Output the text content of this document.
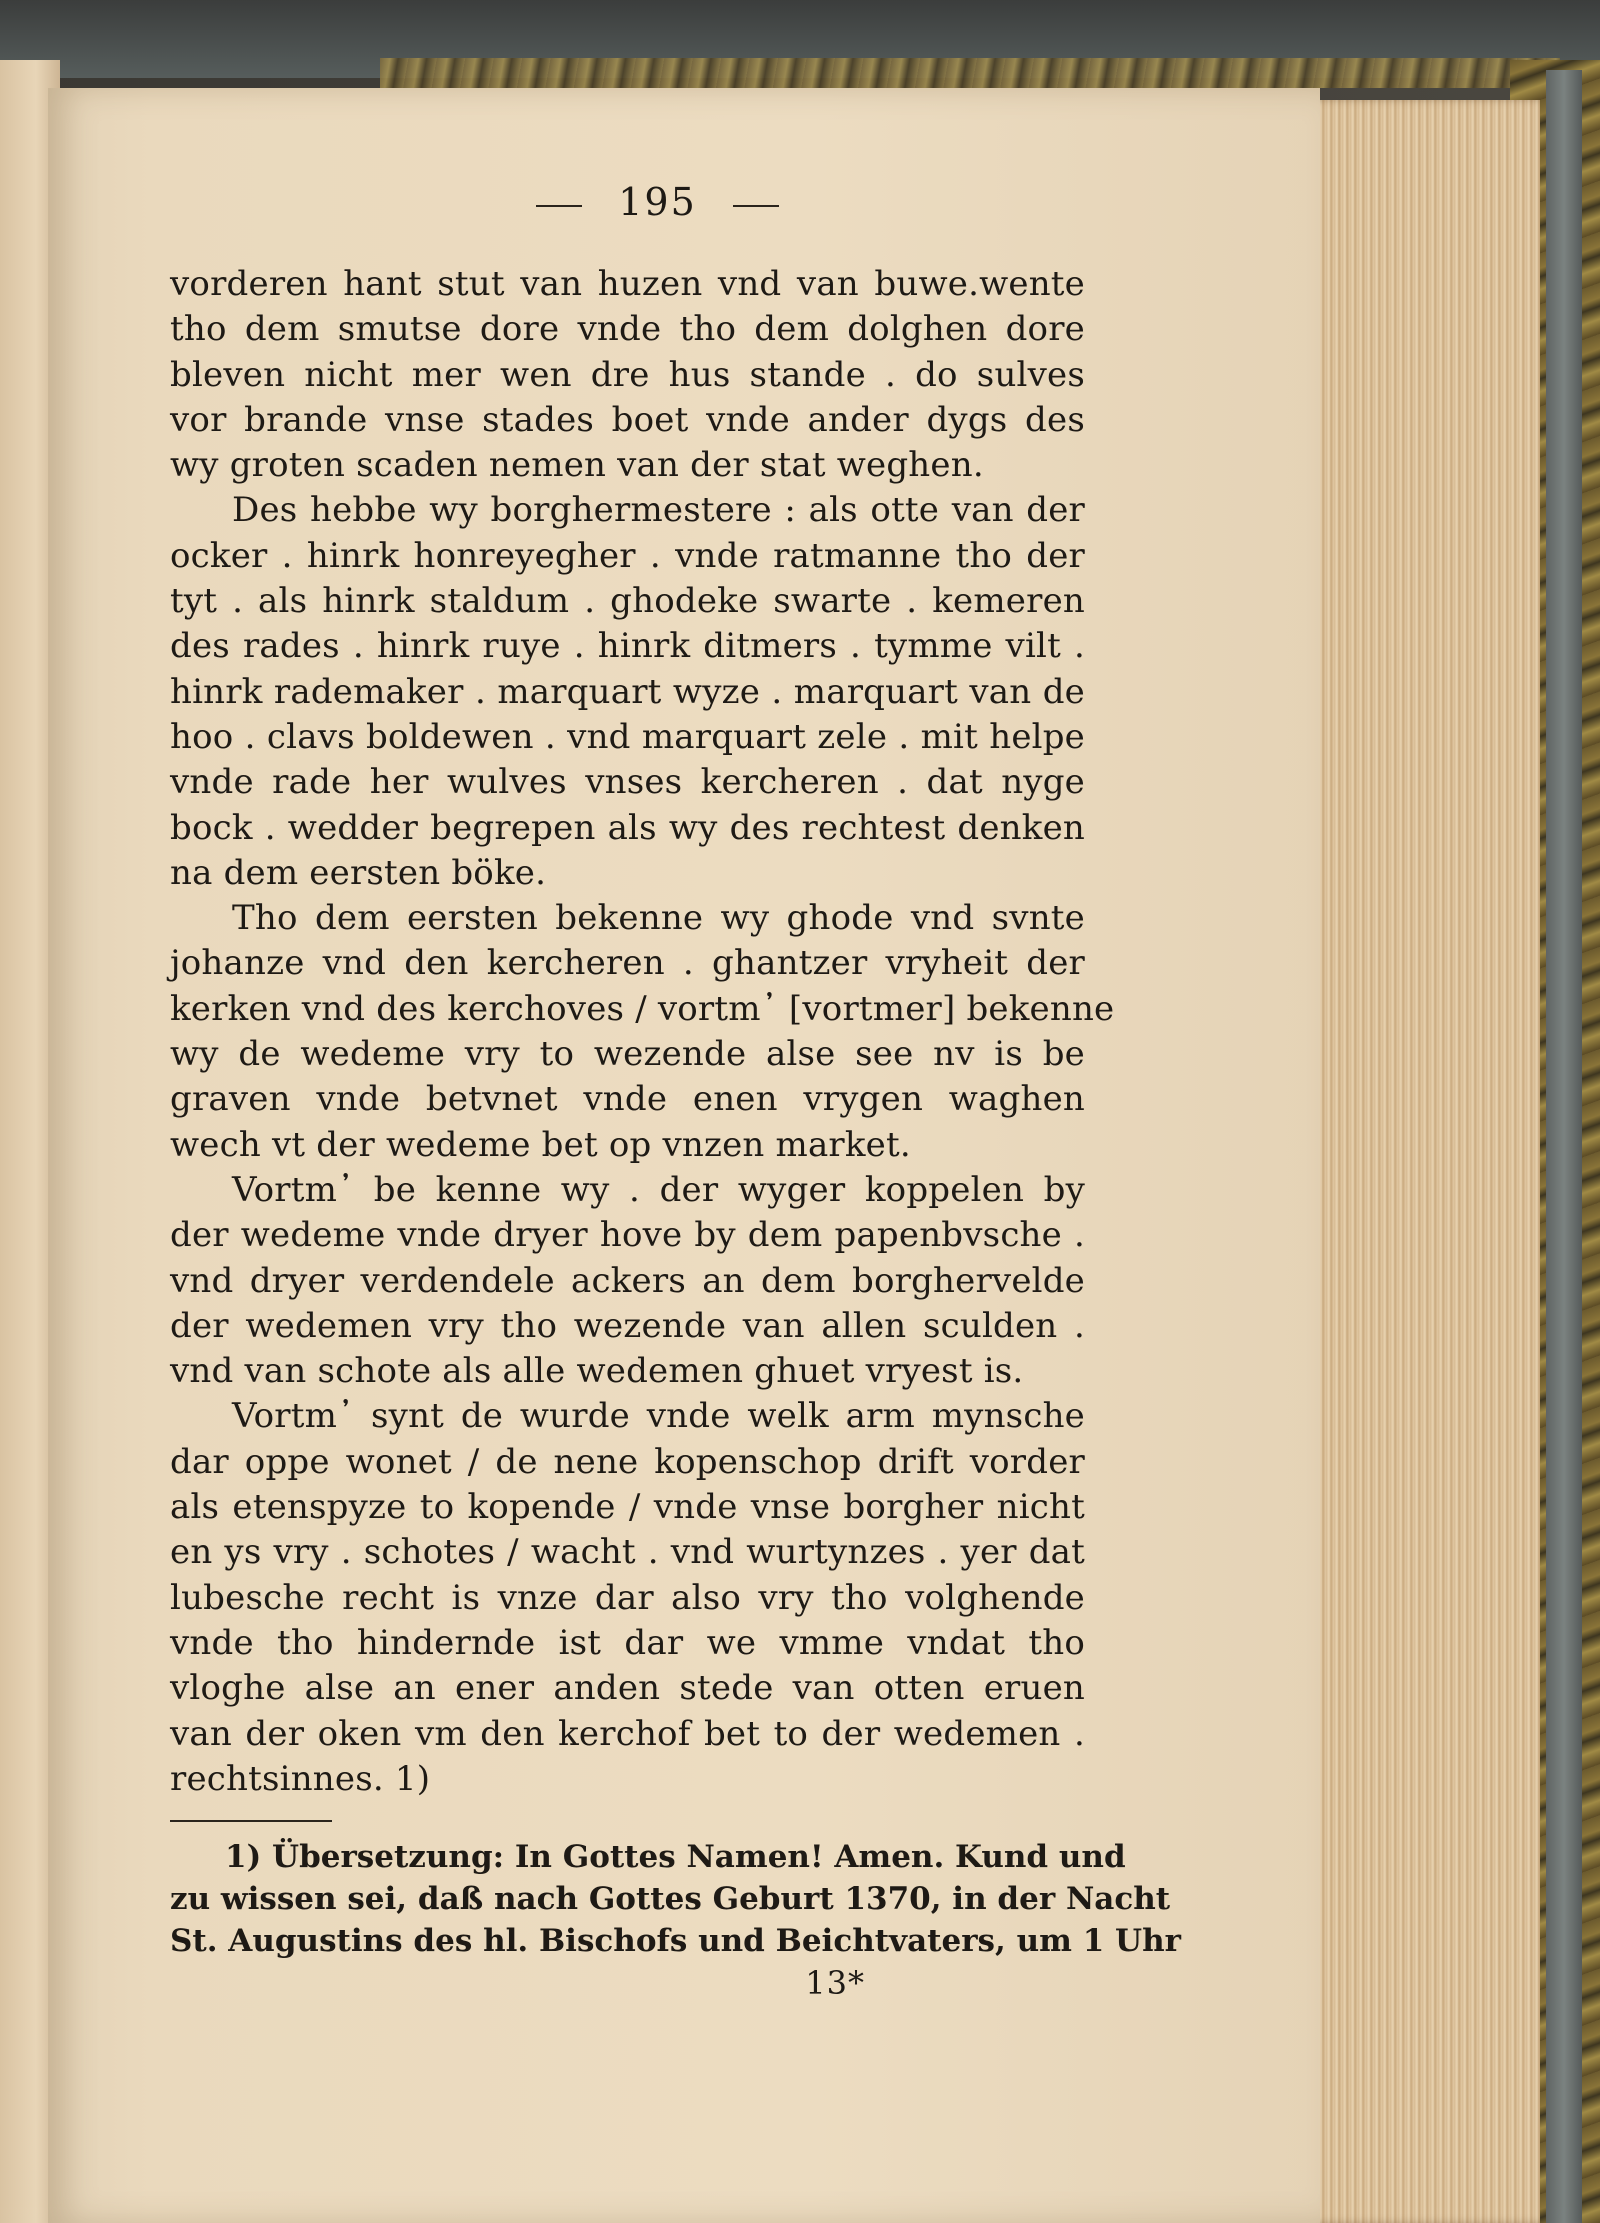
195
vorderen hant stut van huzen vnd van buwe.wente
tho dem smutse dore vnde tho dem dolghen dore
bleven nicht mer wen dre hus stande . do sulves
vor brande vnse stades boet vnde ander dygs des
wy groten scaden nemen van der stat weghen.
Des hebbe wy borghermestere : als otte van der
ocker . hinrk honreyegher . vnde ratmanne tho der
tyt . als hinrk staldum . ghodeke swarte . kemeren
des rades . hinrk ruye . hinrk ditmers . tymme vilt .
hinrk rademaker . marquart wyze . marquart van de
hoo . clavs boldewen . vnd marquart zele . mit helpe
vnde rade her wulves vnses kercheren . dat nyge
bock . wedder begrepen als wy des rechtest denken
na dem eersten böke.
Tho dem eersten bekenne wy ghode vnd svnte
johanze vnd den kercheren . ghantzer vryheit der
kerken vnd des kerchoves / vortm᾽ [vortmer] bekenne
wy de wedeme vry to wezende alse see nv is be
graven vnde betvnet vnde enen vrygen waghen
wech vt der wedeme bet op vnzen market.
Vortm᾽ be kenne wy . der wyger koppelen by
der wedeme vnde dryer hove by dem papenbvsche .
vnd dryer verdendele ackers an dem borghervelde
der wedemen vry tho wezende van allen sculden .
vnd van schote als alle wedemen ghuet vryest is.
Vortm᾽ synt de wurde vnde welk arm mynsche
dar oppe wonet / de nene kopenschop drift vorder
als etenspyze to kopende / vnde vnse borgher nicht
en ys vry . schotes / wacht . vnd wurtynzes . yer dat
lubesche recht is vnze dar also vry tho volghende
vnde tho hindernde ist dar we vmme vndat tho
vloghe alse an ener anden stede van otten eruen
van der oken vm den kerchof bet to der wedemen .
rechtsinnes. 1)
1) Übersetzung: In Gottes Namen! Amen. Kund und
zu wissen sei, daß nach Gottes Geburt 1370, in der Nacht
St. Augustins des hl. Bischofs und Beichtvaters, um 1 Uhr
13*
